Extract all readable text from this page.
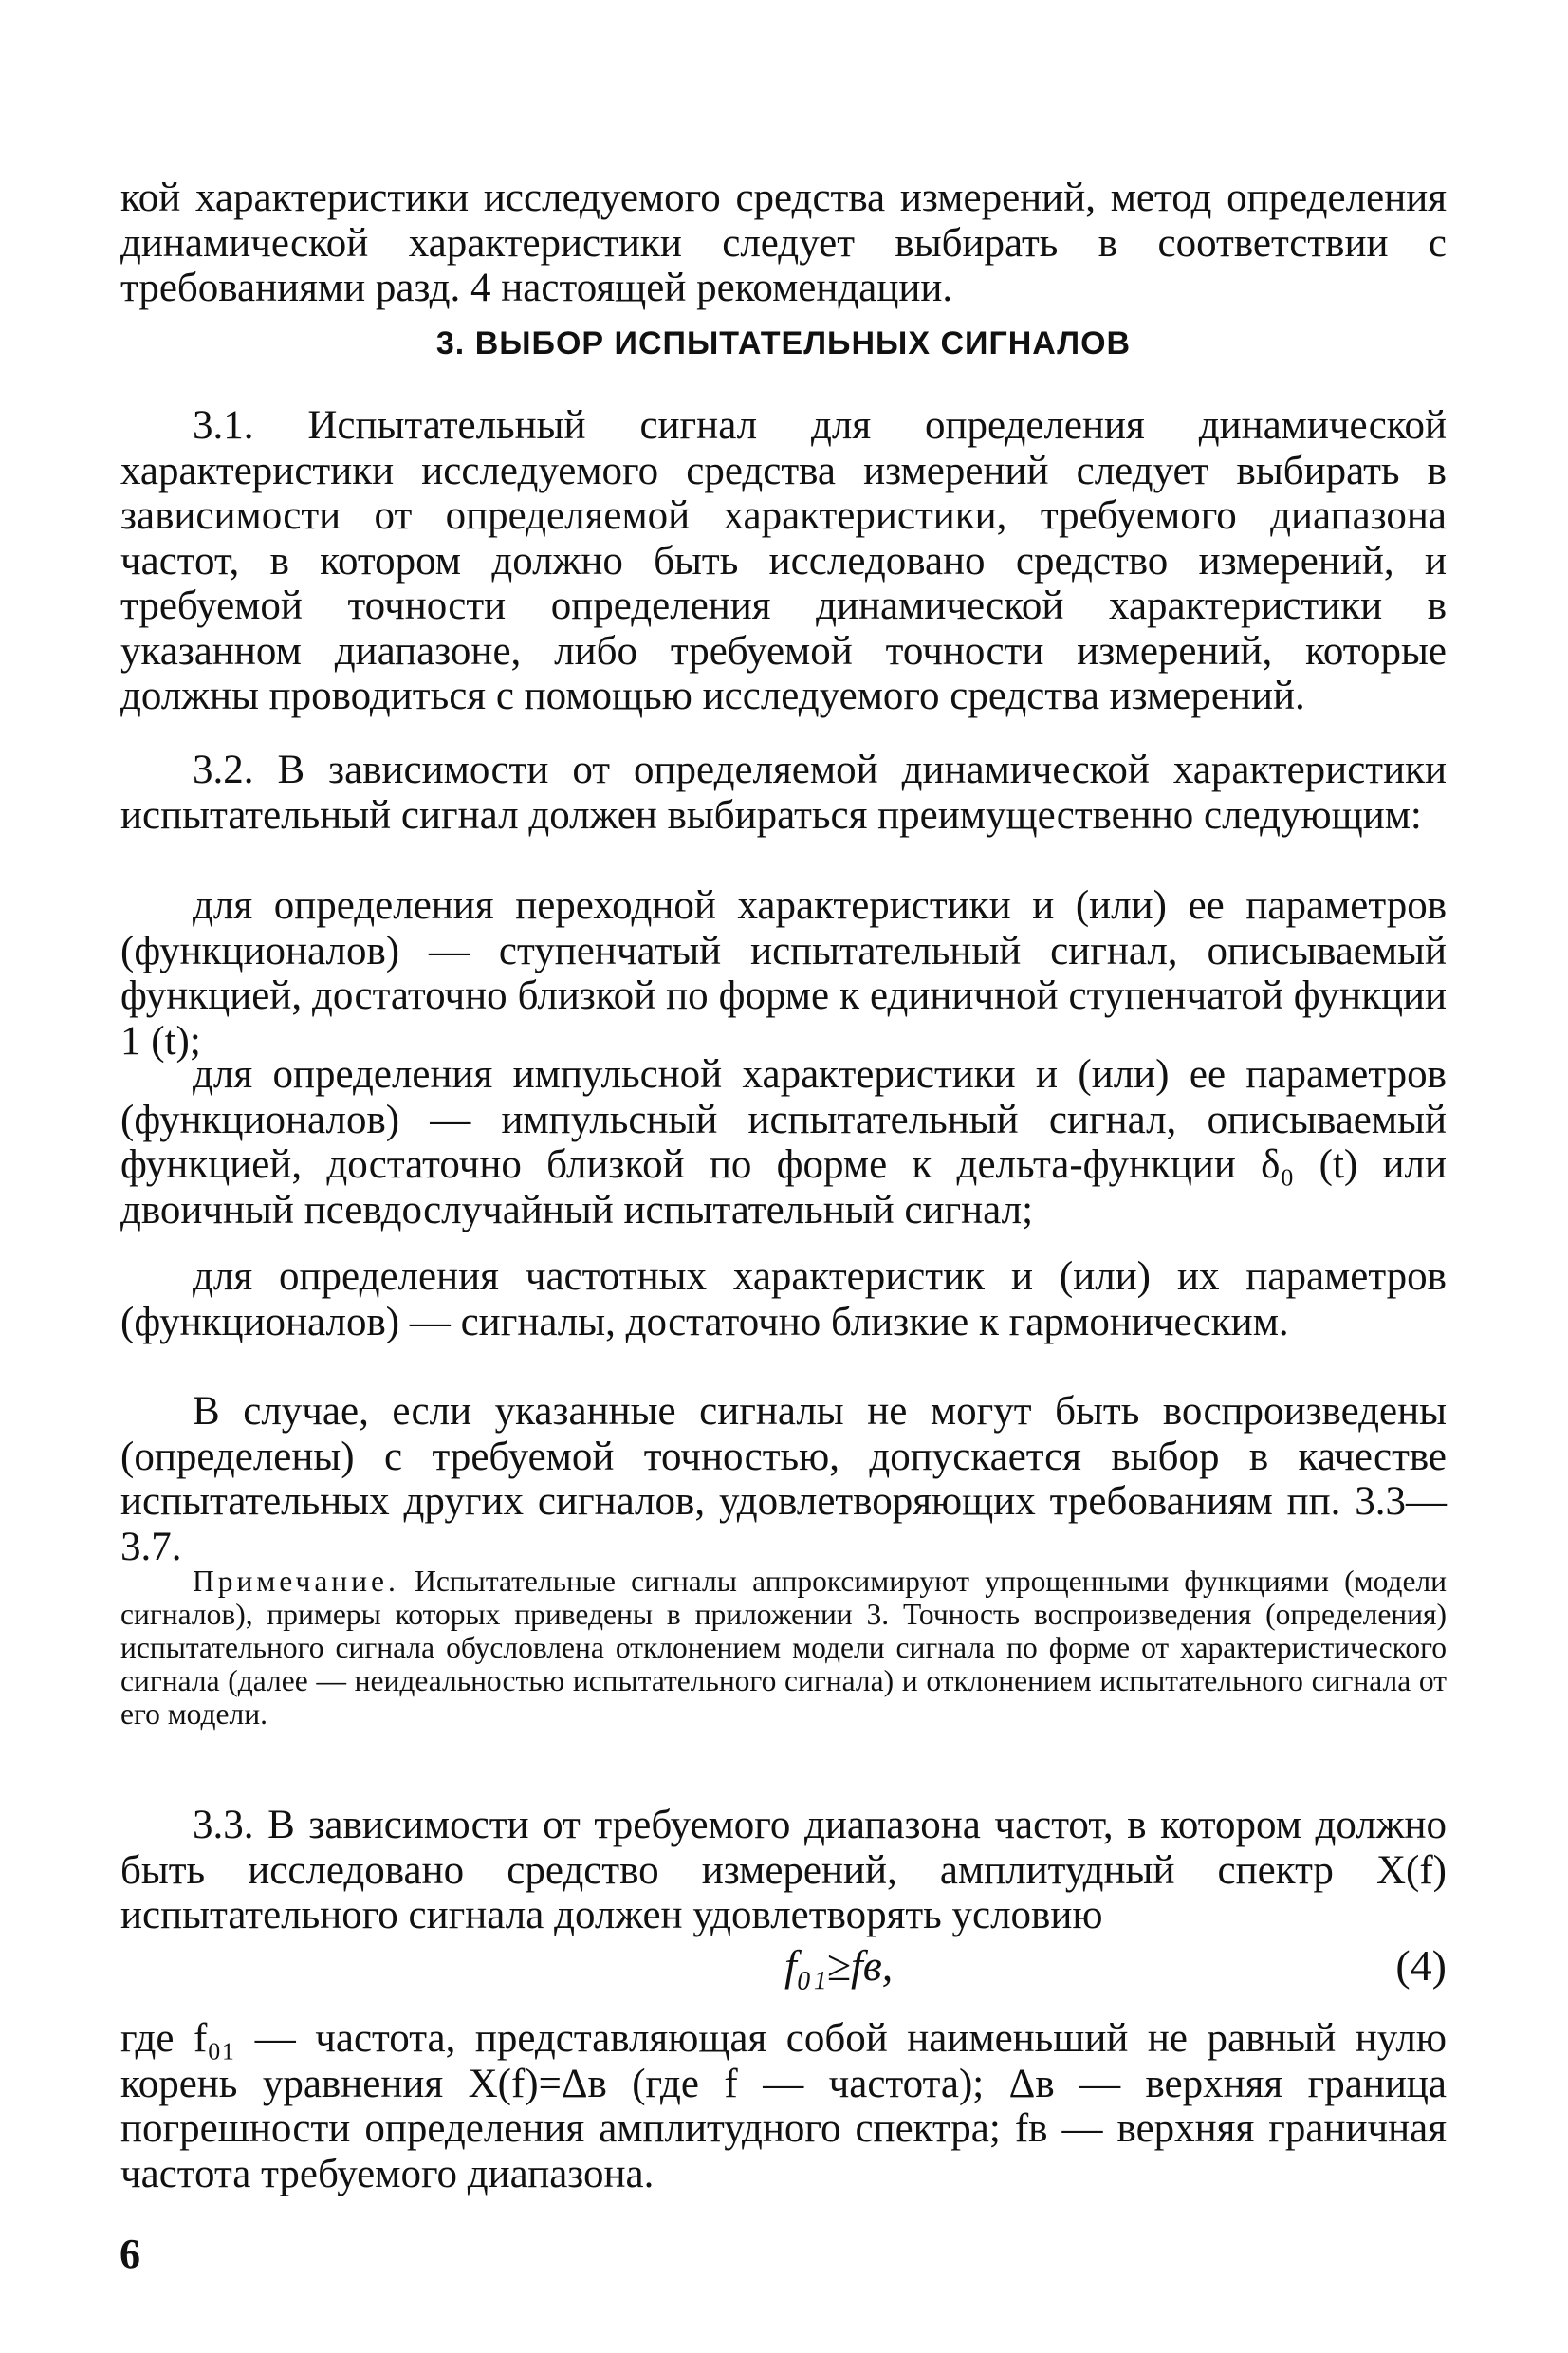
кой характеристики исследуемого средства измерений, метод определения динамической характеристики следует выбирать в соответствии с требованиями разд. 4 настоящей рекомендации.

3. ВЫБОР ИСПЫТАТЕЛЬНЫХ СИГНАЛОВ

3.1. Испытательный сигнал для определения динамической характеристики исследуемого средства измерений следует выбирать в зависимости от определяемой характеристики, требуемого диапазона частот, в котором должно быть исследовано средство измерений, и требуемой точности определения динамической характеристики в указанном диапазоне, либо требуемой точности измерений, которые должны проводиться с помощью исследуемого средства измерений.

3.2. В зависимости от определяемой динамической характеристики испытательный сигнал должен выбираться преимущественно следующим:

для определения переходной характеристики и (или) ее параметров (функционалов) — ступенчатый испытательный сигнал, описываемый функцией, достаточно близкой по форме к единичной ступенчатой функции 1 (t);

для определения импульсной характеристики и (или) ее параметров (функционалов) — импульсный испытательный сигнал, описываемый функцией, достаточно близкой по форме к дельта-функции δ₀ (t) или двоичный псевдослучайный испытательный сигнал;

для определения частотных характеристик и (или) их параметров (функционалов) — сигналы, достаточно близкие к гармоническим.

В случае, если указанные сигналы не могут быть воспроизведены (определены) с требуемой точностью, допускается выбор в качестве испытательных других сигналов, удовлетворяющих требованиям пп. 3.3—3.7.

Примечание. Испытательные сигналы аппроксимируют упрощенными функциями (модели сигналов), примеры которых приведены в приложении 3. Точность воспроизведения (определения) испытательного сигнала обусловлена отклонением модели сигнала по форме от характеристического сигнала (далее — неидеальностью испытательного сигнала) и отклонением испытательного сигнала от его модели.

3.3. В зависимости от требуемого диапазона частот, в котором должно быть исследовано средство измерений, амплитудный спектр X(f) испытательного сигнала должен удовлетворять условию

f₀₁≥fв,	(4)

где f₀₁ — частота, представляющая собой наименьший не равный нулю корень уравнения X(f)=Δв (где f — частота); Δв — верхняя граница погрешности определения амплитудного спектра; fв — верхняя граничная частота требуемого диапазона.

6
